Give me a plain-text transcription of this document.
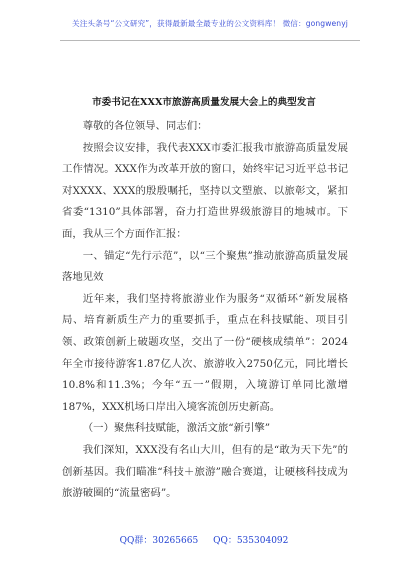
关注头条号“公文研究”，获得最新最全最专业的公文资料库！ 微信：gongwenyj
市委书记在XXX市旅游高质量发展大会上的典型发言

尊敬的各位领导、同志们：

按照会议安排，我代表XXX市委汇报我市旅游高质量发展工作情况。XXX作为改革开放的窗口，始终牢记习近平总书记对XXXX、XXX的殷殷嘱托，坚持以文塑旅、以旅彰文，紧扣省委“1310”具体部署，奋力打造世界级旅游目的地城市。下面，我从三个方面作汇报：

一、锚定“先行示范”，以“三个聚焦”推动旅游高质量发展落地见效

近年来，我们坚持将旅游业作为服务“双循环”新发展格局、培育新质生产力的重要抓手，重点在科技赋能、项目引领、政策创新上破题攻坚，交出了一份“硬核成绩单”：2024年全市接待游客1.87亿人次、旅游收入2750亿元，同比增长10.8%和11.3%；今年“五一”假期，入境游订单同比激增187%，XXX机场口岸出入境客流创历史新高。

（一）聚焦科技赋能，激活文旅“新引擎”

我们深知，XXX没有名山大川，但有的是“敢为天下先”的创新基因。我们瞄准“科技＋旅游”融合赛道，让硬核科技成为旅游破圈的“流量密码”。

QQ群：30265665 QQ：535304092
